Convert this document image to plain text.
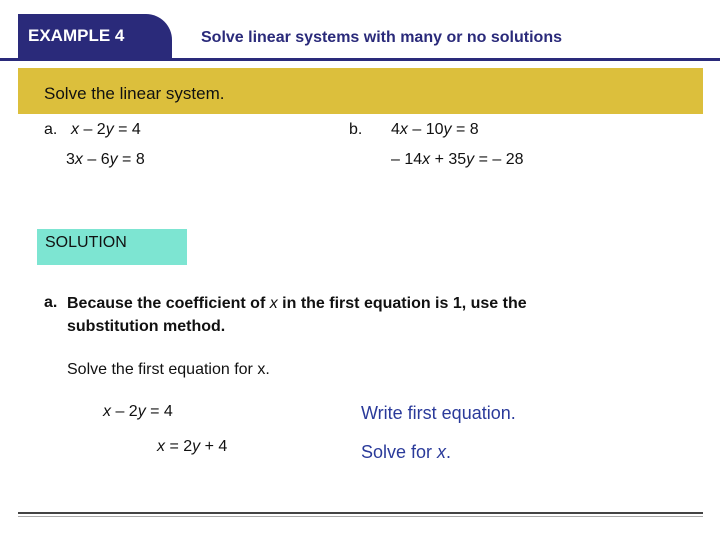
EXAMPLE 4	Solve linear systems with many or no solutions
Solve the linear system.
a. x – 2y = 4
3x – 6y = 8
b. 4x – 10y = 8
– 14x + 35y = – 28
SOLUTION
a. Because the coefficient of x in the first equation is 1, use the
substitution method.
Solve the first equation for x.
x – 2y = 4	Write first equation.
x = 2y + 4	Solve for x.
